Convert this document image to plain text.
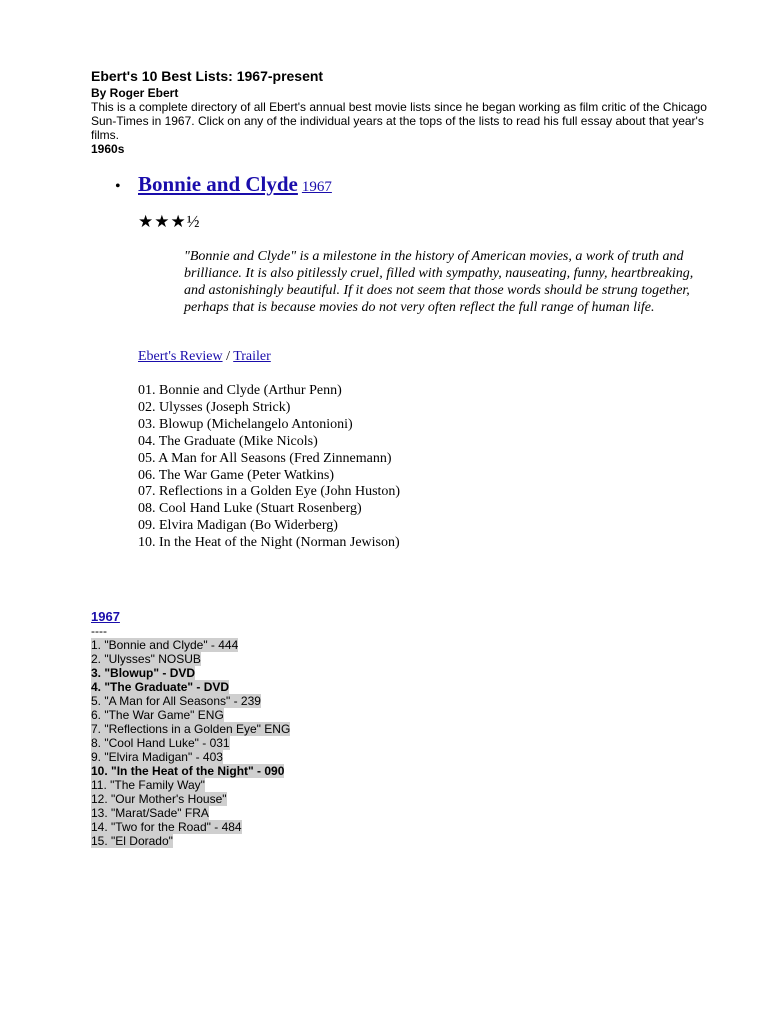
Ebert's 10 Best Lists: 1967-present
By Roger Ebert
This is a complete directory of all Ebert's annual best movie lists since he began working as film critic of the Chicago Sun-Times in 1967. Click on any of the individual years at the tops of the lists to read his full essay about that year's films.
1960s
• Bonnie and Clyde 1967
★★★½
"Bonnie and Clyde" is a milestone in the history of American movies, a work of truth and brilliance. It is also pitilessly cruel, filled with sympathy, nauseating, funny, heartbreaking, and astonishingly beautiful. If it does not seem that those words should be strung together, perhaps that is because movies do not very often reflect the full range of human life.
Ebert's Review / Trailer
01. Bonnie and Clyde (Arthur Penn)
02. Ulysses (Joseph Strick)
03. Blowup (Michelangelo Antonioni)
04. The Graduate (Mike Nicols)
05. A Man for All Seasons (Fred Zinnemann)
06. The War Game (Peter Watkins)
07. Reflections in a Golden Eye (John Huston)
08. Cool Hand Luke (Stuart Rosenberg)
09. Elvira Madigan (Bo Widerberg)
10. In the Heat of the Night (Norman Jewison)
1967
----
1. "Bonnie and Clyde" - 444
2. "Ulysses" NOSUB
3. "Blowup" - DVD
4. "The Graduate" - DVD
5. "A Man for All Seasons" - 239
6. "The War Game" ENG
7. "Reflections in a Golden Eye" ENG
8. "Cool Hand Luke" - 031
9. "Elvira Madigan" - 403
10. "In the Heat of the Night" - 090
11. "The Family Way"
12. "Our Mother's House"
13. "Marat/Sade" FRA
14. "Two for the Road" - 484
15. "El Dorado"
